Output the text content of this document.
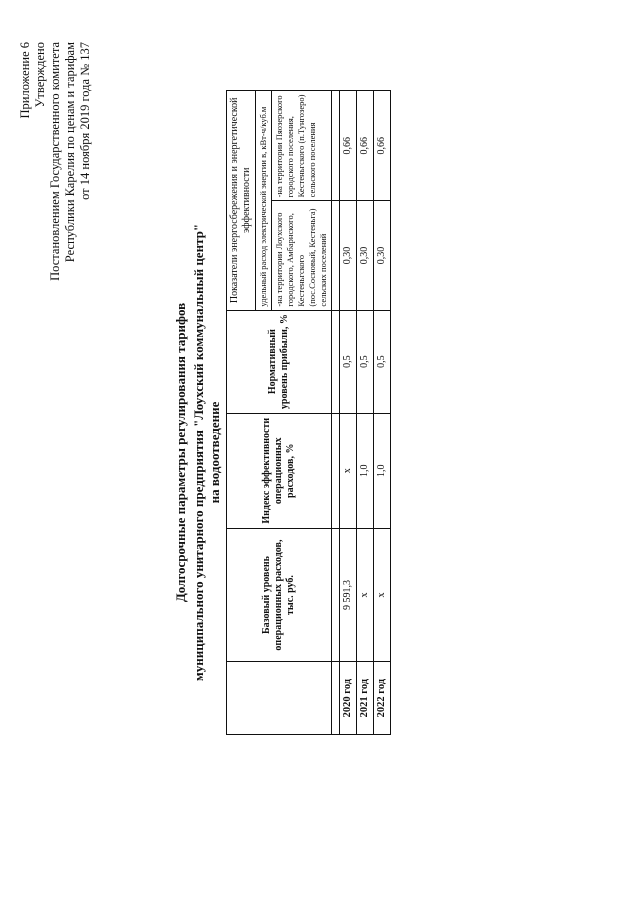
Приложение 6 Утверждено Постановлением Государственного комитета Республики Карелия по ценам и тарифам от 14 ноября 2019 года № 137
Долгосрочные параметры регулирования тарифов муниципального унитарного предприятия "Лоухский коммунальный центр" на водоотведение
	Базовый уровень операционных расходов, тыс. руб.	Индекс эффективности операционных расходов, %	Нормативный уровень прибыли, %	Показатели энергосбережения и энергетической эффективности	
				удельный расход электрической энергии в, кВт-ч/куб.м	
				-на территории Лоухского городского, Амбарнского, Кестеньгского (пос.Сосновый, Кестеньга) сельских поселений	-на территории Пяозерского городского поселения, Кестеньгского (п.Тунгозеро) сельского поселения

2020 год	9 591,3	x	0,5	0,30	0,66
2021 год	x	1,0	0,5	0,30	0,66
2022 год	x	1,0	0,5	0,30	0,66
